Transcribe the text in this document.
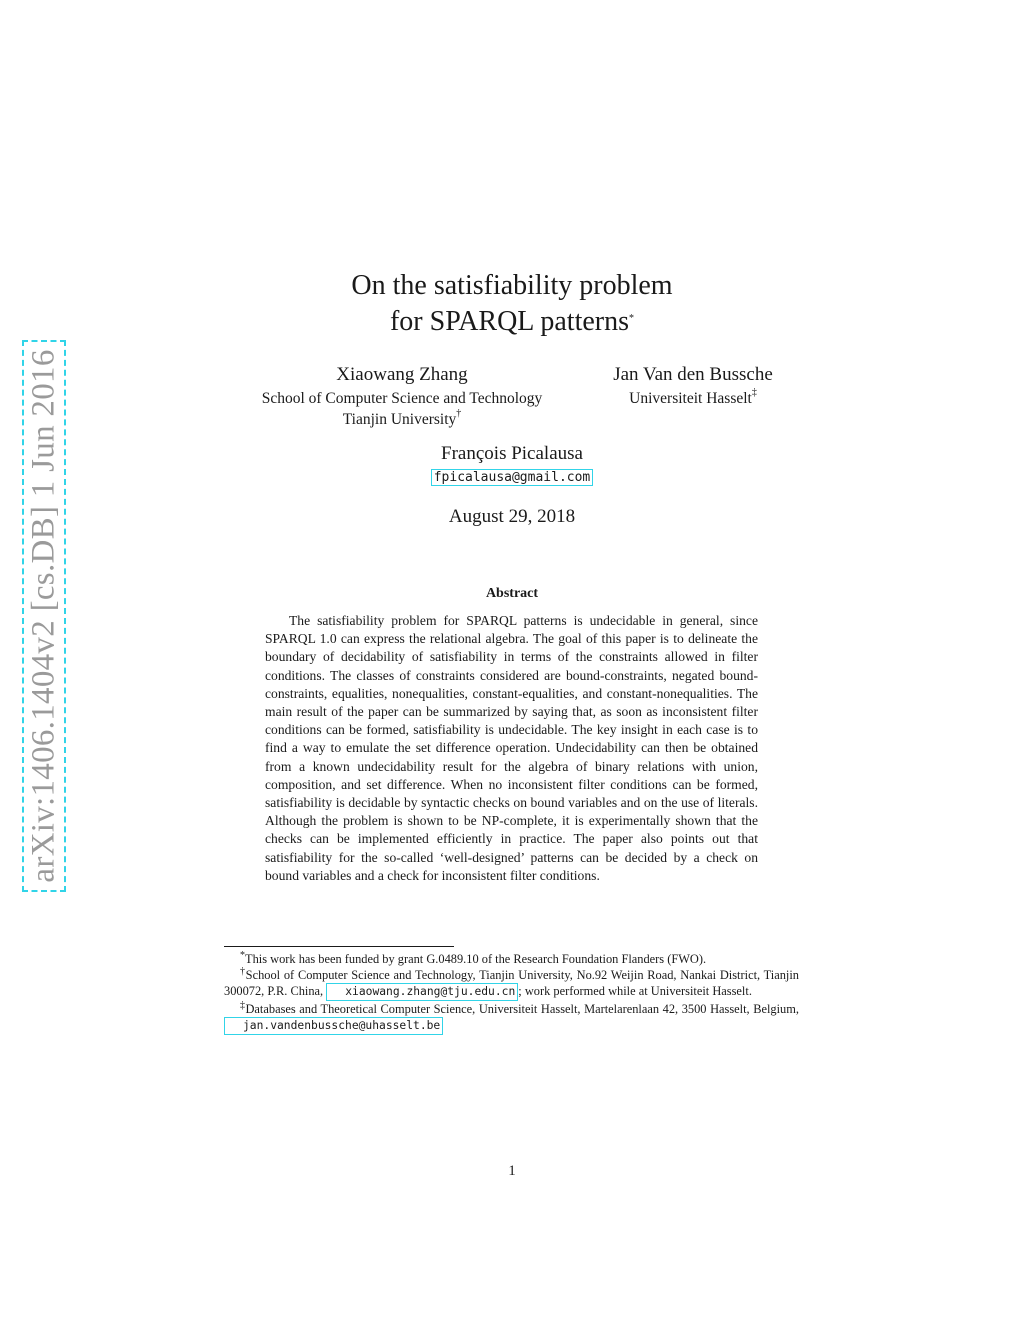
arXiv:1406.1404v2 [cs.DB] 1 Jun 2016
On the satisfiability problem
for SPARQL patterns*
Xiaowang Zhang
School of Computer Science and Technology
Tianjin University†
Jan Van den Bussche
Universiteit Hasselt‡
François Picalausa
fpicalausa@gmail.com
August 29, 2018
Abstract

The satisfiability problem for SPARQL patterns is undecidable in general, since SPARQL 1.0 can express the relational algebra. The goal of this paper is to delineate the boundary of decidability of satisfiability in terms of the constraints allowed in filter conditions. The classes of constraints considered are bound-constraints, negated bound-constraints, equalities, nonequalities, constant-equalities, and constant-nonequalities. The main result of the paper can be summarized by saying that, as soon as inconsistent filter conditions can be formed, satisfiability is undecidable. The key insight in each case is to find a way to emulate the set difference operation. Undecidability can then be obtained from a known undecidability result for the algebra of binary relations with union, composition, and set difference. When no inconsistent filter conditions can be formed, satisfiability is decidable by syntactic checks on bound variables and on the use of literals. Although the problem is shown to be NP-complete, it is experimentally shown that the checks can be implemented efficiently in practice. The paper also points out that satisfiability for the so-called ‘well-designed’ patterns can be decided by a check on bound variables and a check for inconsistent filter conditions.

*This work has been funded by grant G.0489.10 of the Research Foundation Flanders (FWO).

†School of Computer Science and Technology, Tianjin University, No.92 Weijin Road, Nankai District, Tianjin 300072, P.R. China, xiaowang.zhang@tju.edu.cn ; work performed while at Universiteit Hasselt.

‡Databases and Theoretical Computer Science, Universiteit Hasselt, Martelarenlaan 42, 3500 Hasselt, Belgium, jan.vandenbussche@uhasselt.be

1
